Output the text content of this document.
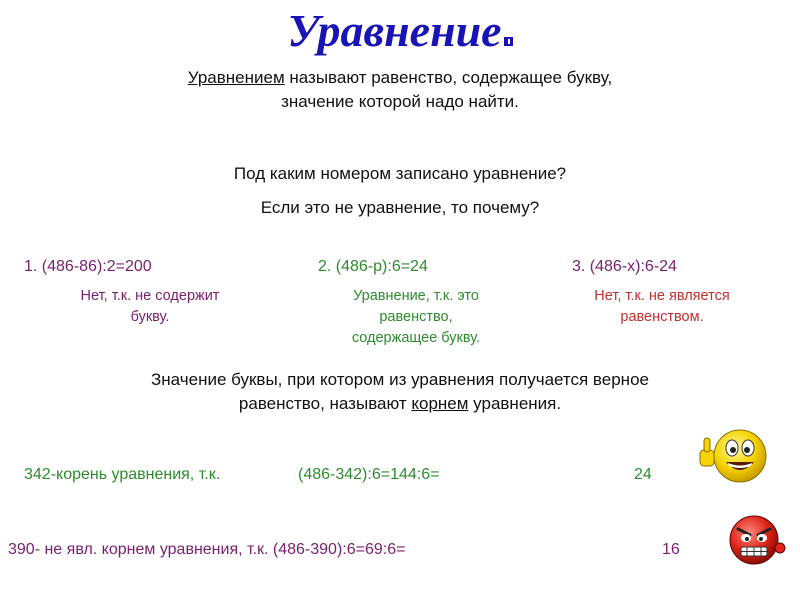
Уравнение
Уравнением называют равенство, содержащее букву,
значение которой надо найти.
Под каким номером записано уравнение?
Если это не уравнение, то почему?
1. (486-86):2=200	2. (486-р):6=24	3. (486-х):6-24
Нет, т.к. не содержит
букву.
Уравнение, т.к. это
равенство,
содержащее букву.
Нет, т.к. не является
равенством.
Значение буквы, при котором из уравнения получается верное
равенство, называют корнем уравнения.
342-корень уравнения, т.к.	(486-342):6=144:6=	24
390- не явл. корнем уравнения, т.к. (486-390):6=69:6=	16
